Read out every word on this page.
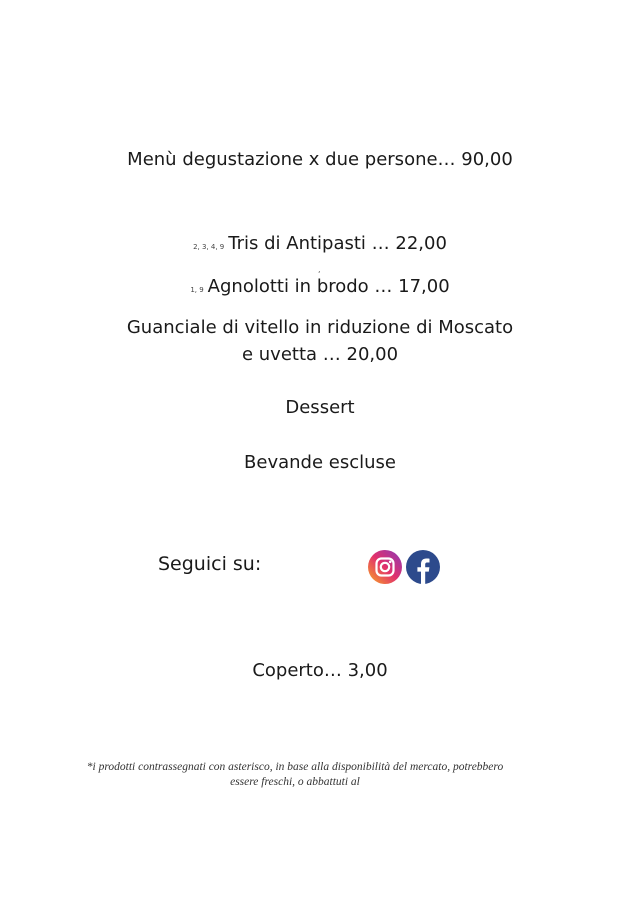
Menù degustazione x due persone… 90,00
2, 3, 4, 9 Tris di Antipasti … 22,00
,
1, 9 Agnolotti in brodo … 17,00
Guanciale di vitello in riduzione di Moscato
e uvetta … 20,00
Dessert
Bevande escluse
Seguici su:
Coperto… 3,00
*i prodotti contrassegnati con asterisco, in base alla disponibilità del mercato, potrebbero
essere freschi, o abbattuti al
